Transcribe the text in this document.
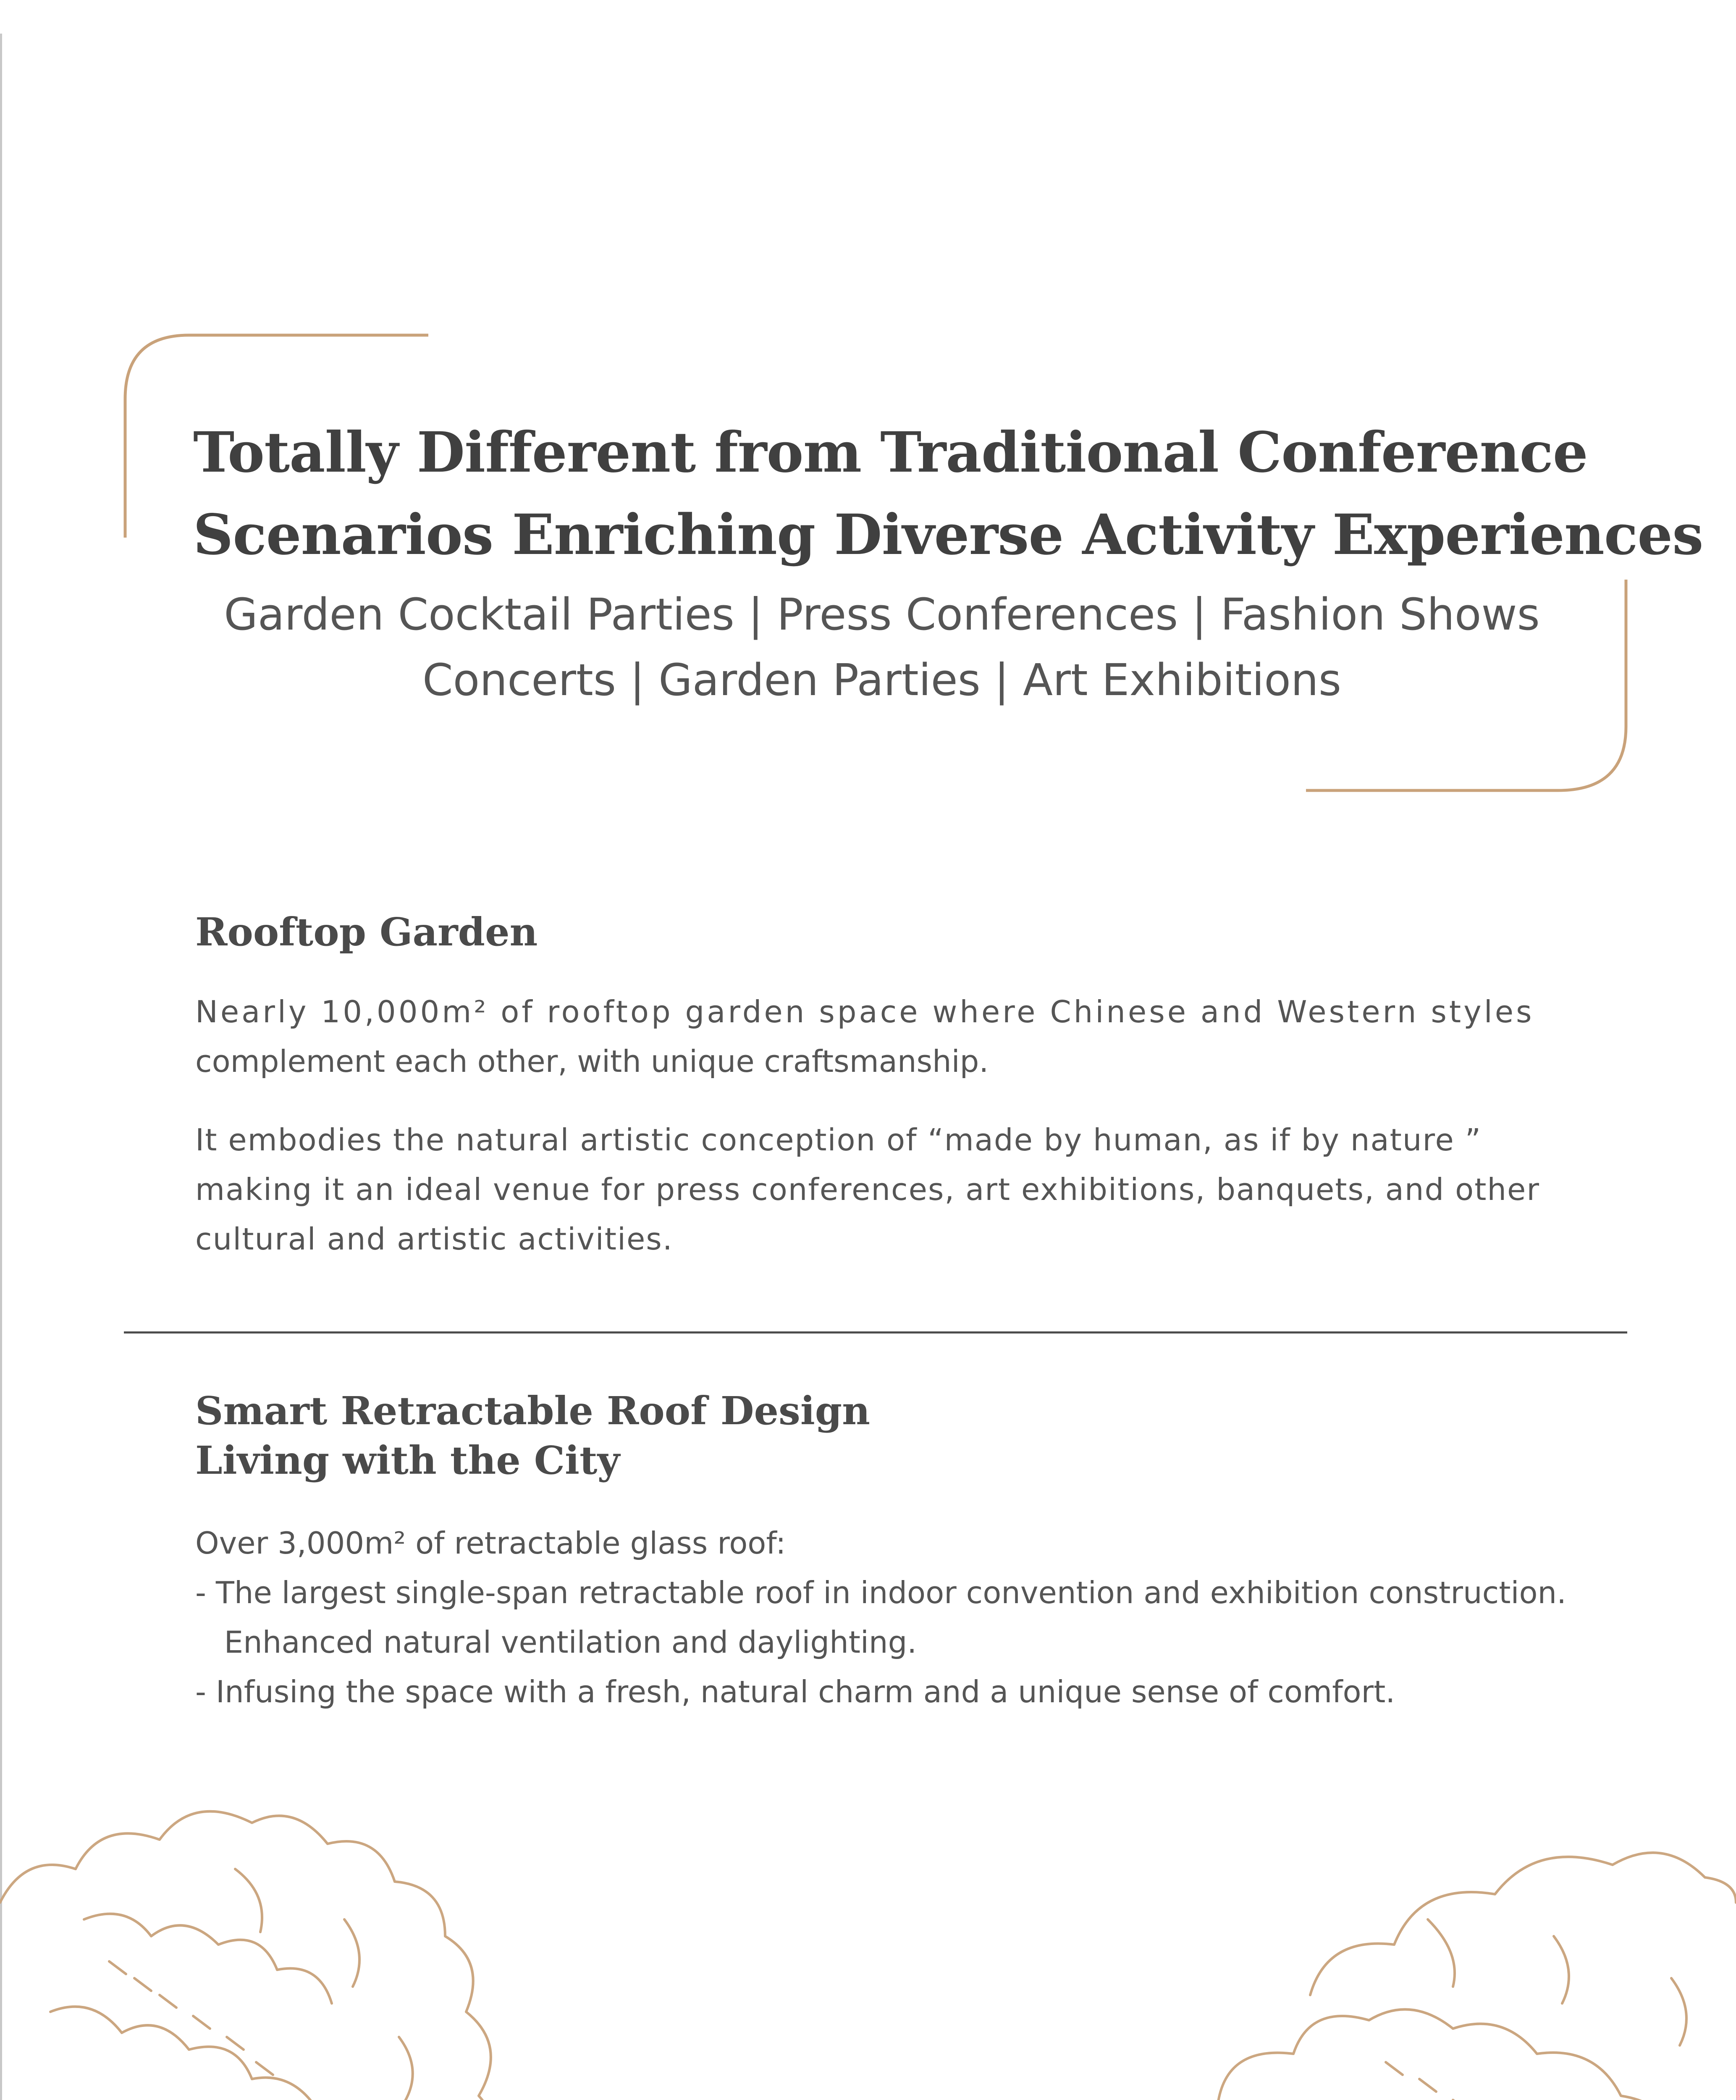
Totally Different from Traditional Conference
Scenarios Enriching Diverse Activity Experiences
Garden Cocktail Parties | Press Conferences | Fashion Shows
Concerts | Garden Parties | Art Exhibitions
Rooftop Garden

Nearly 10,000m² of rooftop garden space where Chinese and Western styles
complement each other, with unique craftsmanship.

It embodies the natural artistic conception of “made by human, as if by nature ”
making it an ideal venue for press conferences, art exhibitions, banquets, and other
cultural and artistic activities.

Smart Retractable Roof Design
Living with the City

Over 3,000m² of retractable glass roof:
- The largest single-span retractable roof in indoor convention and exhibition construction.
Enhanced natural ventilation and daylighting.
- Infusing the space with a fresh, natural charm and a unique sense of comfort.
